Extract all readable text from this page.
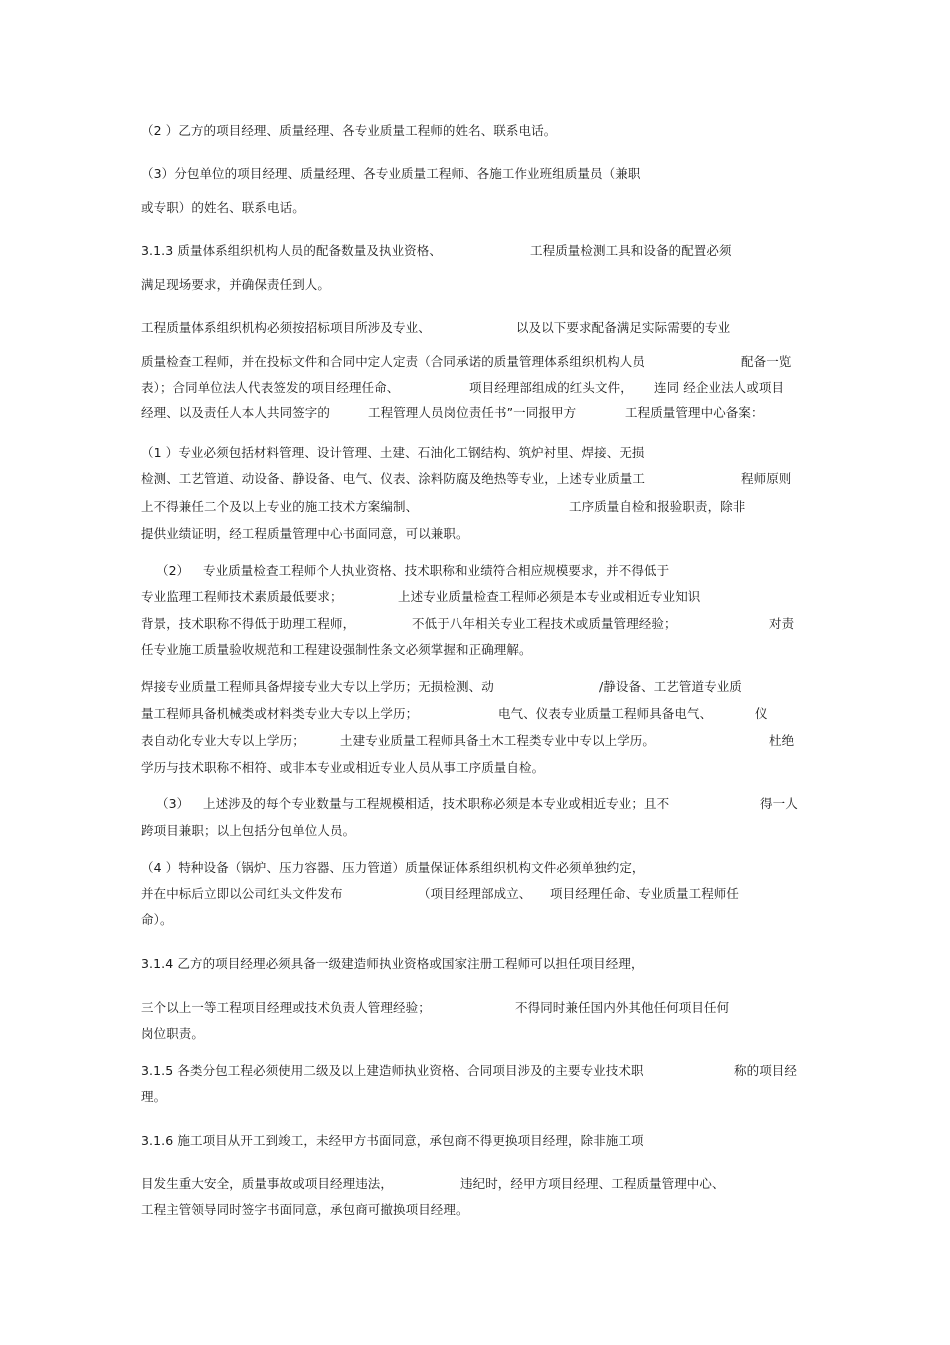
（2 ）乙方的项目经理、质量经理、各专业质量工程师的姓名、联系电话。
（3）分包单位的项目经理、质量经理、各专业质量工程师、各施工作业班组质量员（兼职
或专职）的姓名、联系电话。
3.1.3 质量体系组织机构人员的配备数量及执业资格、	工程质量检测工具和设备的配置必须
满足现场要求，并确保责任到人。
工程质量体系组织机构必须按招标项目所涉及专业、	以及以下要求配备满足实际需要的专业
质量检查工程师，并在投标文件和合同中定人定责（合同承诺的质量管理体系组织机构人员	配备一览
表）；合同单位法人代表签发的项目经理任命、	项目经理部组成的红头文件， 连同 经企业法人或项目
经理、以及责任人本人共同签字的	工程管理人员岗位责任书”一同报甲方	工程质量管理中心备案：
（1 ）专业必须包括材料管理、设计管理、土建、石油化工钢结构、筑炉衬里、焊接、无损
检测、工艺管道、动设备、静设备、电气、仪表、涂料防腐及绝热等专业，上述专业质量工	程师原则
上不得兼任二个及以上专业的施工技术方案编制、	工序质量自检和报验职责，除非
提供业绩证明，经工程质量管理中心书面同意，可以兼职。
（2） 专业质量检查工程师个人执业资格、技术职称和业绩符合相应规模要求，并不得低于
专业监理工程师技术素质最低要求；	上述专业质量检查工程师必须是本专业或相近专业知识
背景，技术职称不得低于助理工程师，	不低于八年相关专业工程技术或质量管理经验；	对责
任专业施工质量验收规范和工程建设强制性条文必须掌握和正确理解。
焊接专业质量工程师具备焊接专业大专以上学历；无损检测、动	/静设备、工艺管道专业质
量工程师具备机械类或材料类专业大专以上学历；	电气、仪表专业质量工程师具备电气、	仪
表自动化专业大专以上学历；	土建专业质量工程师具备土木工程类专业中专以上学历。	杜绝
学历与技术职称不相符、或非本专业或相近专业人员从事工序质量自检。
（3） 上述涉及的每个专业数量与工程规模相适，技术职称必须是本专业或相近专业；且不	得一人
跨项目兼职；以上包括分包单位人员。
（4 ）特种设备（锅炉、压力容器、压力管道）质量保证体系组织机构文件必须单独约定，
并在中标后立即以公司红头文件发布	（项目经理部成立、 项目经理任命、专业质量工程师任
命）。
3.1.4 乙方的项目经理必须具备一级建造师执业资格或国家注册工程师可以担任项目经理，
三个以上一等工程项目经理或技术负责人管理经验；	不得同时兼任国内外其他任何项目任何
岗位职责。
3.1.5 各类分包工程必须使用二级及以上建造师执业资格、合同项目涉及的主要专业技术职	称的项目经
理。
3.1.6 施工项目从开工到竣工，未经甲方书面同意，承包商不得更换项目经理，除非施工项
目发生重大安全，质量事故或项目经理违法，	违纪时，经甲方项目经理、工程质量管理中心、
工程主管领导同时签字书面同意，承包商可撤换项目经理。
